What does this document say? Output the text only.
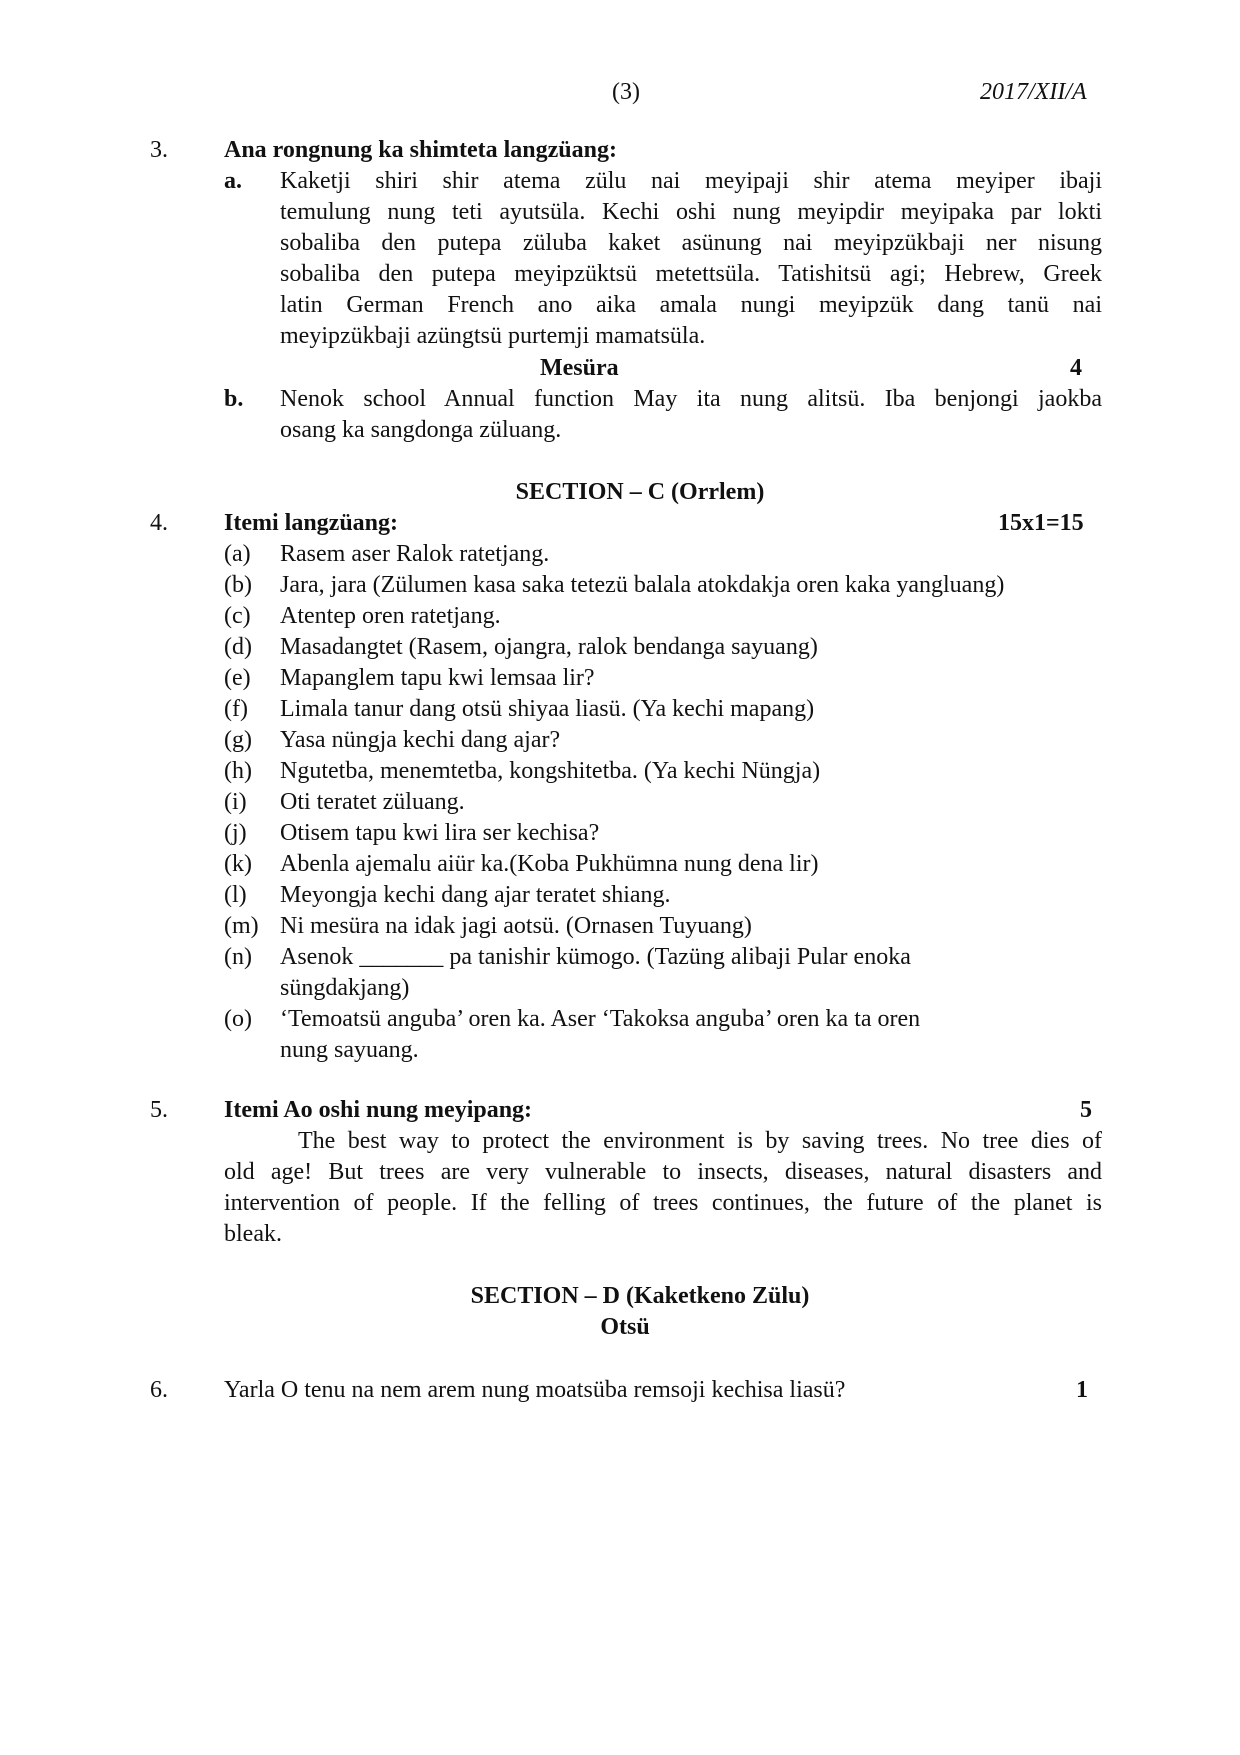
(3)	2017/XII/A
3. Ana rongnung ka shimteta langzüang:
a. Kaketji shiri shir atema zülu nai meyipaji shir atema meyiper ibaji
temulung nung teti ayutsüla. Kechi oshi nung meyipdir meyipaka par lokti
sobaliba den putepa züluba kaket asünung nai meyipzükbaji ner nisung
sobaliba den putepa meyipzüktsü metettsüla. Tatishitsü agi; Hebrew, Greek
latin German French ano aika amala nungi meyipzük dang tanü nai
meyipzükbaji azüngtsü purtemji mamatsüla.
Mesüra	4
b. Nenok school Annual function May ita nung alitsü. Iba benjongi jaokba
osang ka sangdonga züluang.
SECTION – C (Orrlem)
4. Itemi langzüang:	15x1=15
(a) Rasem aser Ralok ratetjang.
(b) Jara, jara (Zülumen kasa saka tetezü balala atokdakja oren kaka yangluang)
(c) Atentep oren ratetjang.
(d) Masadangtet (Rasem, ojangra, ralok bendanga sayuang)
(e) Mapanglem tapu kwi lemsaa lir?
(f) Limala tanur dang otsü shiyaa liasü. (Ya kechi mapang)
(g) Yasa nüngja kechi dang ajar?
(h) Ngutetba, menemtetba, kongshitetba. (Ya kechi Nüngja)
(i) Oti teratet züluang.
(j) Otisem tapu kwi lira ser kechisa?
(k) Abenla ajemalu aiür ka.(Koba Pukhümna nung dena lir)
(l) Meyongja kechi dang ajar teratet shiang.
(m) Ni mesüra na idak jagi aotsü. (Ornasen Tuyuang)
(n) Asenok _______ pa tanishir kümogo. (Tazüng alibaji Pular enoka
süngdakjang)
(o) ‘Temoatsü anguba’ oren ka. Aser ‘Takoksa anguba’ oren ka ta oren
nung sayuang.
5. Itemi Ao oshi nung meyipang:	5
The best way to protect the environment is by saving trees. No tree dies of
old age! But trees are very vulnerable to insects, diseases, natural disasters and
intervention of people. If the felling of trees continues, the future of the planet is
bleak.
SECTION – D (Kaketkeno Zülu)
Otsü
6. Yarla O tenu na nem arem nung moatsüba remsoji kechisa liasü?	1
